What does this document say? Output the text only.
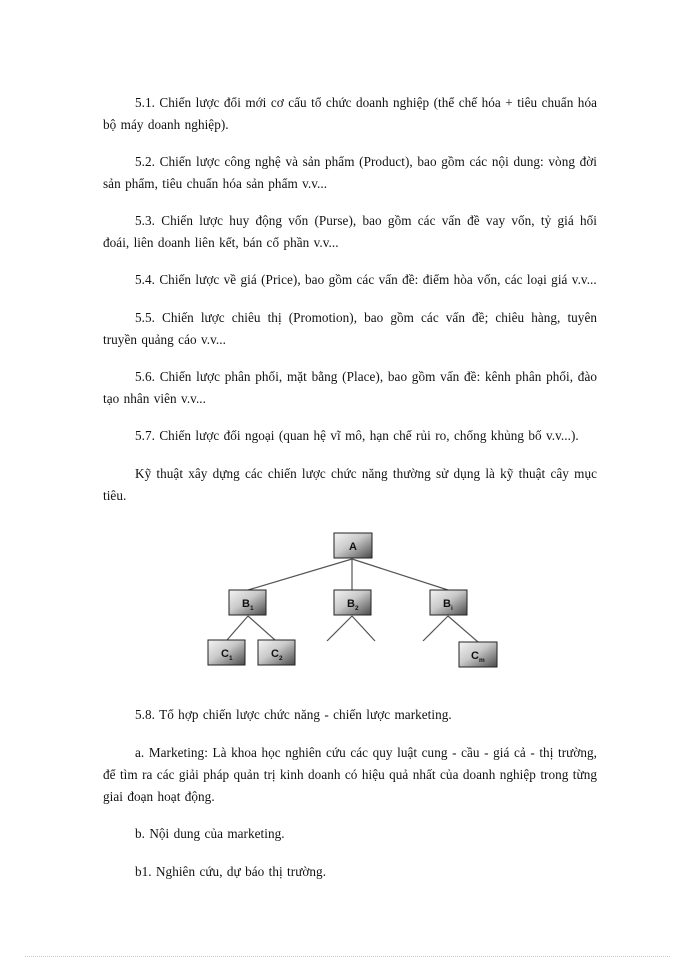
5.1. Chiến lược đổi mới cơ cấu tổ chức doanh nghiệp (thể chế hóa + tiêu chuẩn hóa bộ máy doanh nghiệp).

5.2. Chiến lược công nghệ và sản phẩm (Product), bao gồm các nội dung: vòng đời sản phẩm, tiêu chuẩn hóa sản phẩm v.v...

5.3. Chiến lược huy động vốn (Purse), bao gồm các vấn đề vay vốn, tỷ giá hối đoái, liên doanh liên kết, bán cổ phần v.v...

5.4. Chiến lược về giá (Price), bao gồm các vấn đề: điểm hòa vốn, các loại giá v.v...

5.5. Chiến lược chiêu thị (Promotion), bao gồm các vấn đề; chiêu hàng, tuyên truyền quảng cáo v.v...

5.6. Chiến lược phân phối, mặt bằng (Place), bao gồm vấn đề: kênh phân phối, đào tạo nhân viên v.v...

5.7. Chiến lược đối ngoại (quan hệ vĩ mô, hạn chế rủi ro, chống khủng bố v.v...).

Kỹ thuật xây dựng các chiến lược chức năng thường sử dụng là kỹ thuật cây mục tiêu.

A
B 1	B 2	B i
C 1	C 2	C m

5.8. Tổ hợp chiến lược chức năng - chiến lược marketing.

a. Marketing: Là khoa học nghiên cứu các quy luật cung - cầu - giá cả - thị trường, để tìm ra các giải pháp quản trị kinh doanh có hiệu quả nhất của doanh nghiệp trong từng giai đoạn hoạt động.

b. Nội dung của marketing.

b1. Nghiên cứu, dự báo thị trường.
